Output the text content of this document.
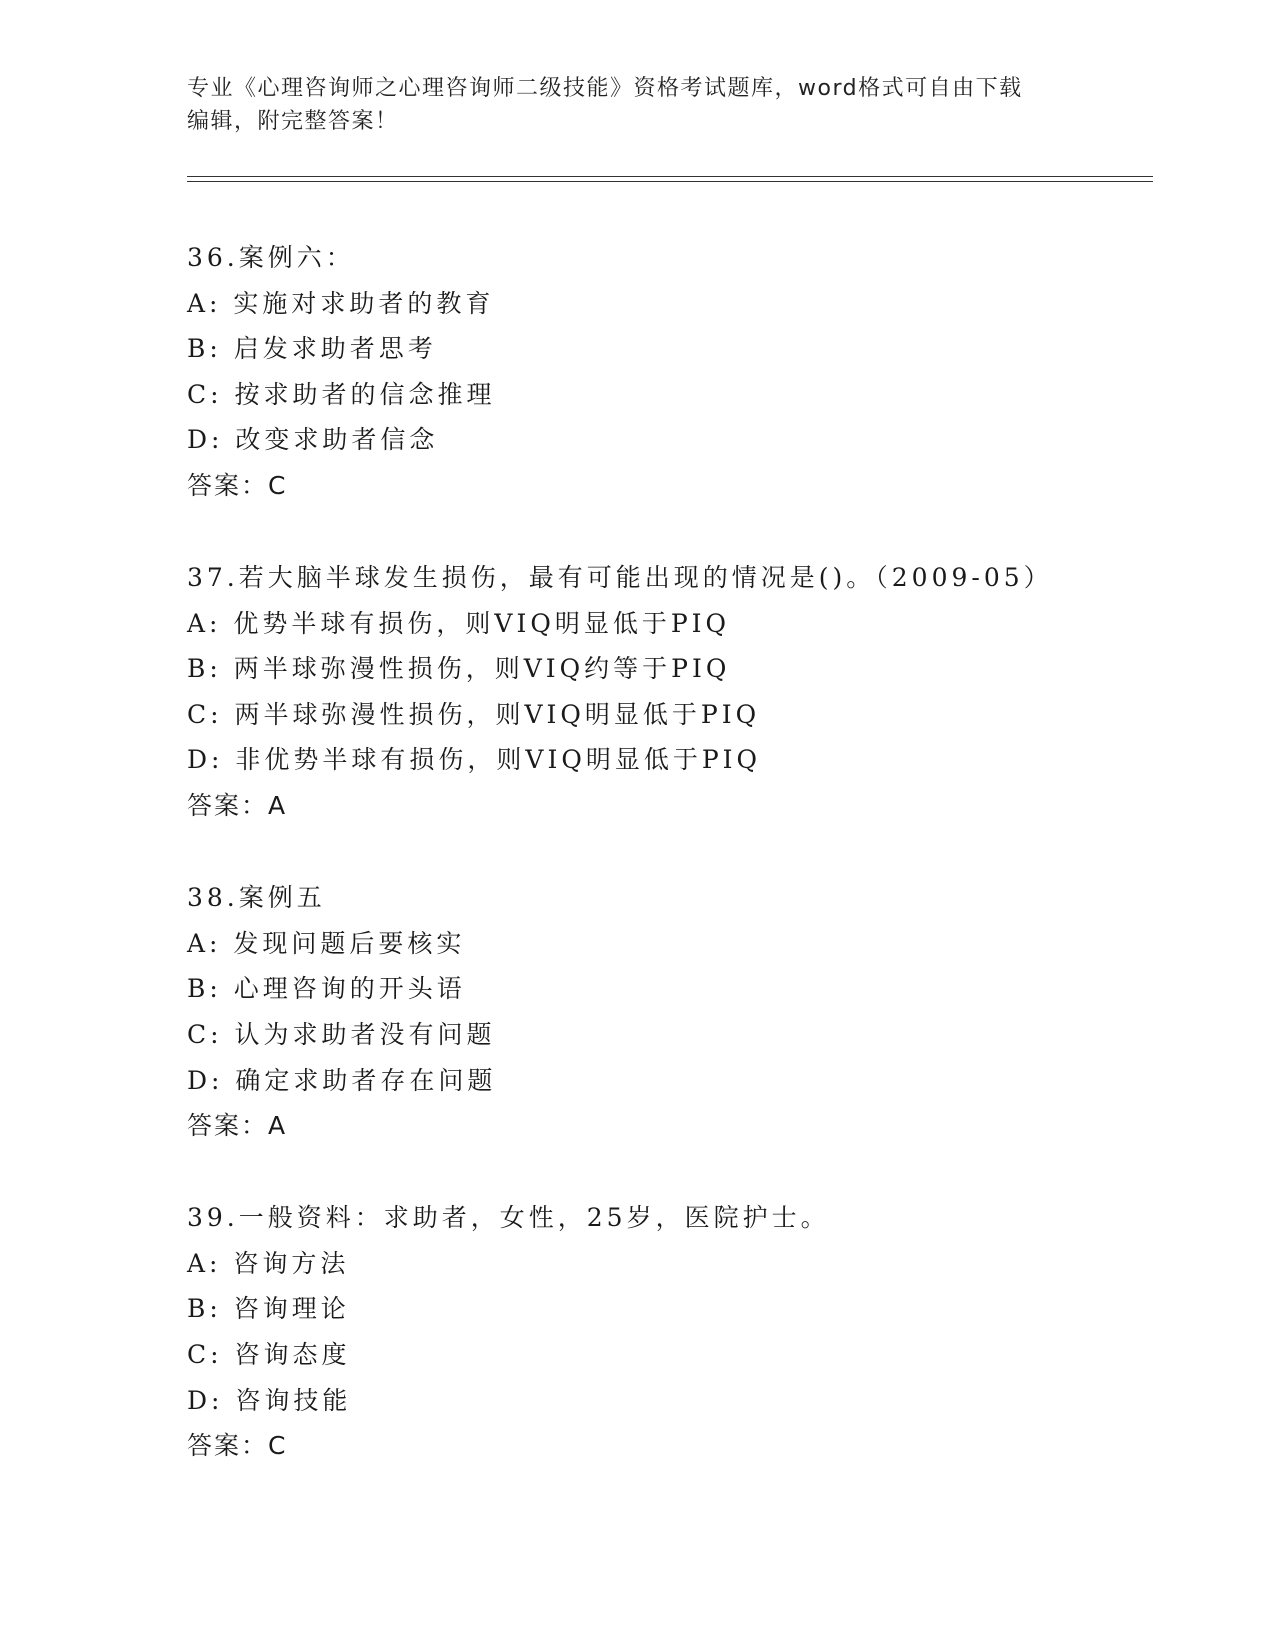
专业《心理咨询师之心理咨询师二级技能》资格考试题库，word格式可自由下载
编辑，附完整答案！
36.案例六：
A: 实施对求助者的教育
B: 启发求助者思考
C: 按求助者的信念推理
D: 改变求助者信念
答案：C
37.若大脑半球发生损伤，最有可能出现的情况是()。（2009-05）
A: 优势半球有损伤，则VIQ明显低于PIQ
B: 两半球弥漫性损伤，则VIQ约等于PIQ
C: 两半球弥漫性损伤，则VIQ明显低于PIQ
D: 非优势半球有损伤，则VIQ明显低于PIQ
答案：A
38.案例五
A: 发现问题后要核实
B: 心理咨询的开头语
C: 认为求助者没有问题
D: 确定求助者存在问题
答案：A
39.一般资料：求助者，女性，25岁，医院护士。
A: 咨询方法
B: 咨询理论
C: 咨询态度
D: 咨询技能
答案：C
